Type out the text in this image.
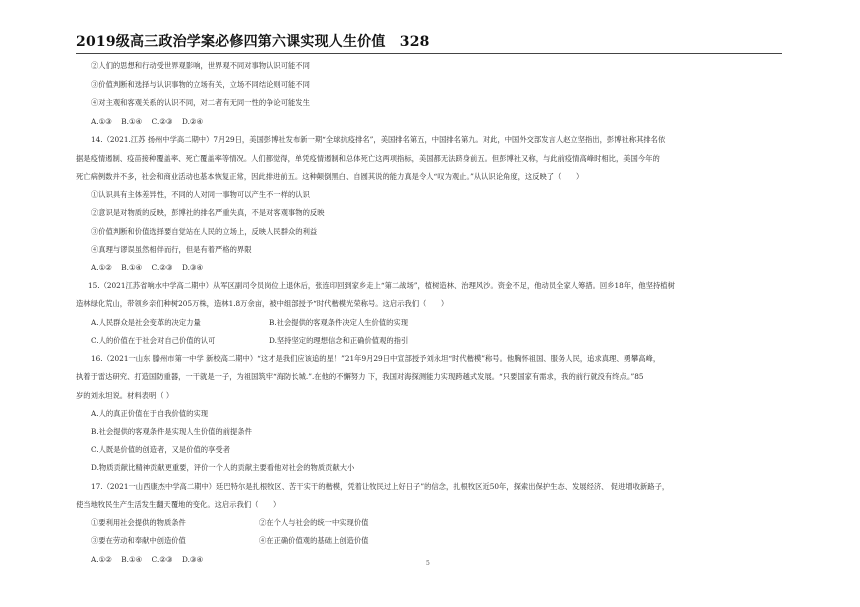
2019级高三政治学案必修四第六课实现人生价值　328
②人们的思想和行动受世界观影响，世界观不同对事物认识可能不同
③价值判断和选择与认识事物的立场有关，立场不同结论则可能不同
④对主观和客观关系的认识不同，对二者有无同一性的争论可能发生
A.①③　 B.①④　 C.②③　 D.②④
14.（2021.江苏 扬州中学高二期中）7月29日，美国彭博社发布新一期“全球抗疫排名”，美国排名第五，中国排名第九。对此，中国外交部发言人赵立坚指出，彭博社称其排名依
据是疫情遏制、疫苗接种覆盖率、死亡覆盖率等情况。人们都觉得，单凭疫情遏制和总体死亡这两项指标，美国都无法跻身前五。但彭博社又称，与此前疫情高峰时相比，美国今年的
死亡病例数并不多，社会和商业活动也基本恢复正常，因此排进前五。这种颠倒黑白、自圆其说的能力真是令人“叹为观止。”从认识论角度，这反映了（　　）
①认识具有主体差异性，不同的人对同一事物可以产生不一样的认识
②意识是对物质的反映，彭博社的排名严重失真，不是对客观事物的反映
③价值判断和价值选择要自觉站在人民的立场上，反映人民群众的利益
④真理与谬误虽然相伴而行，但是有着严格的界限
A.①②　 B.①④　 C.②③　 D.③④
15.（2021江苏省响水中学高二期中）从军区副司令员岗位上退休后，张连印回到家乡走上“第二战场”，植树造林、治理风沙。资金不足，他动员全家人筹措。回乡18年，他坚持植树
造林绿化荒山，带领乡亲们种树205万株，造林1.8万余亩，被中组部授予“时代楷模光荣称号。这启示我们（　　）
A.人民群众是社会变革的决定力量	B.社会提供的客观条件决定人生价值的实现
C.人的价值在于社会对自己价值的认可	D.坚持坚定的理想信念和正确价值观的指引
16.（2021一山东 滕州市第一中学 新校高二期中）“这才是我们应该追的星！”21年9月29日中宣部授予刘永坦“时代楷模”称号。他胸怀祖国、服务人民，追求真理、勇攀高峰，
执着于雷达研究、打造国防重器，一干就是一子，为祖国筑牢“海防长城.”.在他的不懈努力 下，我国对海探测能力实现跨越式发展。“只要国家有需求，我的前行就没有终点。”85
岁的刘永坦说。材料表明（ ）
A.人的真正价值在于自我价值的实现
B.社会提供的客观条件是实现人生价值的前提条件
C.人既是价值的创造者，又是价值的享受者
D.物质贡献比精神贡献更重要，评价一个人的贡献主要看他对社会的物质贡献大小
17.（2021一山西康杰中学高二期中）廷巴特尔是扎根牧区、苦干实干的楷模，凭着让牧民过上好日子”的信念，扎根牧区近50年，探索出保护生态、发展经济、 促进增收新路子，
使当地牧民生产生活发生翻天覆地的变化。这启示我们（　　）
①要利用社会提供的物质条件	②在个人与社会的统一中实现价值
③要在劳动和奉献中创造价值	④在正确价值观的基础上创造价值
A.①②　 B.①④　 C.②③　 D.③④	5
